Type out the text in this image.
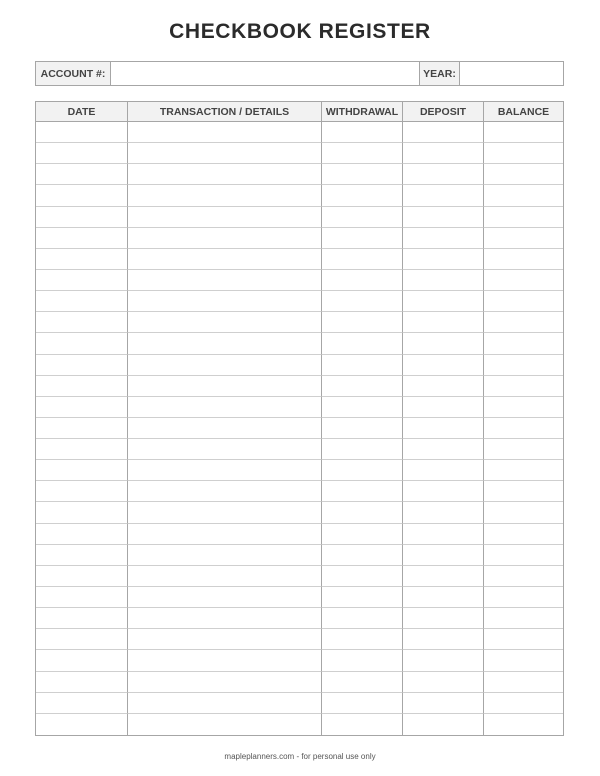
CHECKBOOK REGISTER
ACCOUNT #:	YEAR:
DATE	TRANSACTION / DETAILS	WITHDRAWAL	DEPOSIT	BALANCE
mapleplanners.com - for personal use only
